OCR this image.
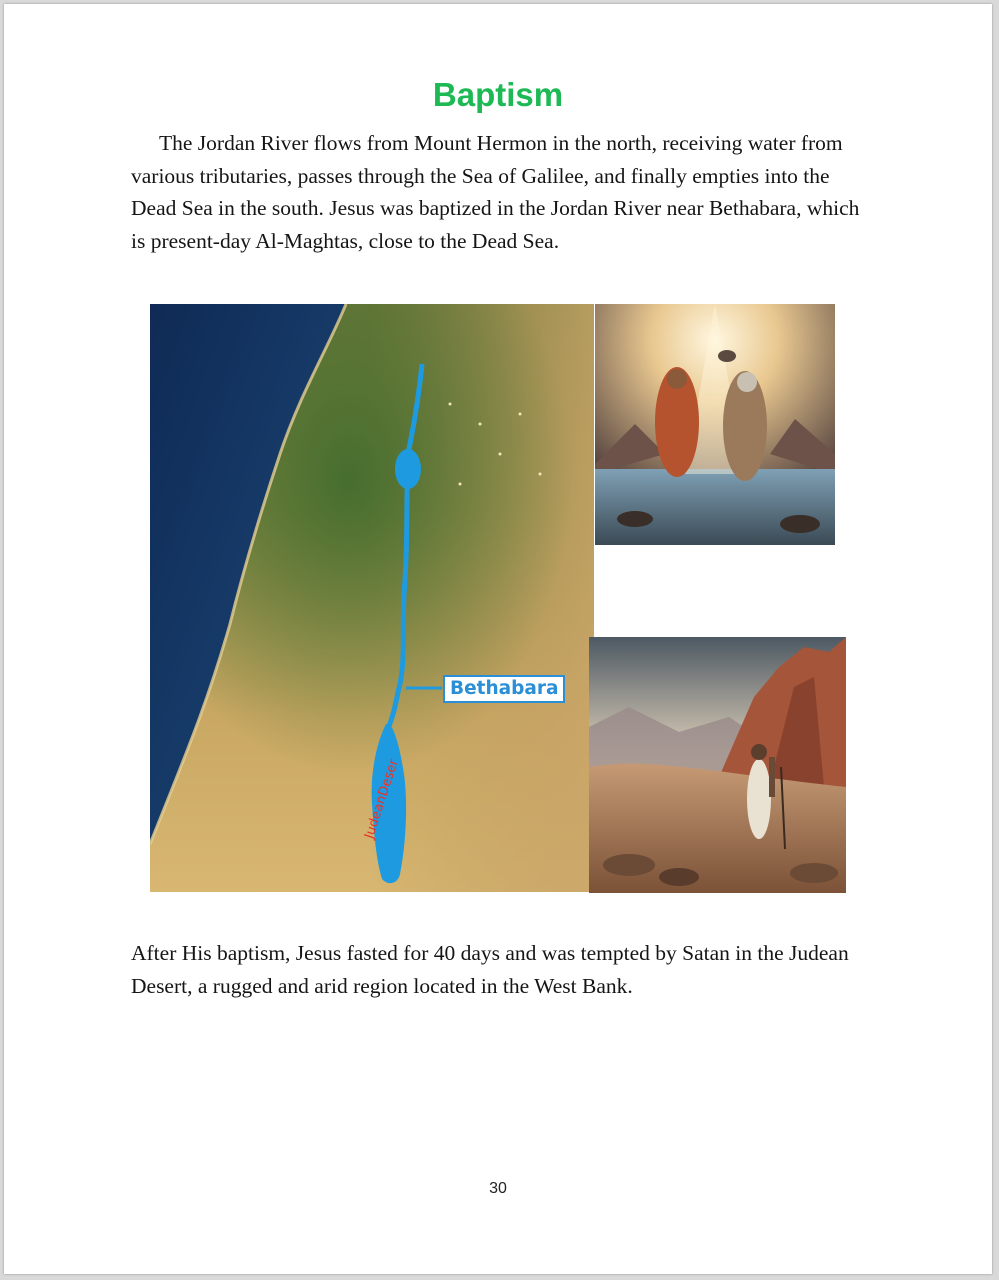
Baptism

The Jordan River flows from Mount Hermon in the north, receiving water from various tributaries, passes through the Sea of Galilee, and finally empties into the Dead Sea in the south. Jesus was baptized in the Jordan River near Bethabara, which is present-day Al-Maghtas, close to the Dead Sea.

Bethabara
JudeanDeser

After His baptism, Jesus fasted for 40 days and was tempted by Satan in the Judean Desert, a rugged and arid region located in the West Bank.

30
